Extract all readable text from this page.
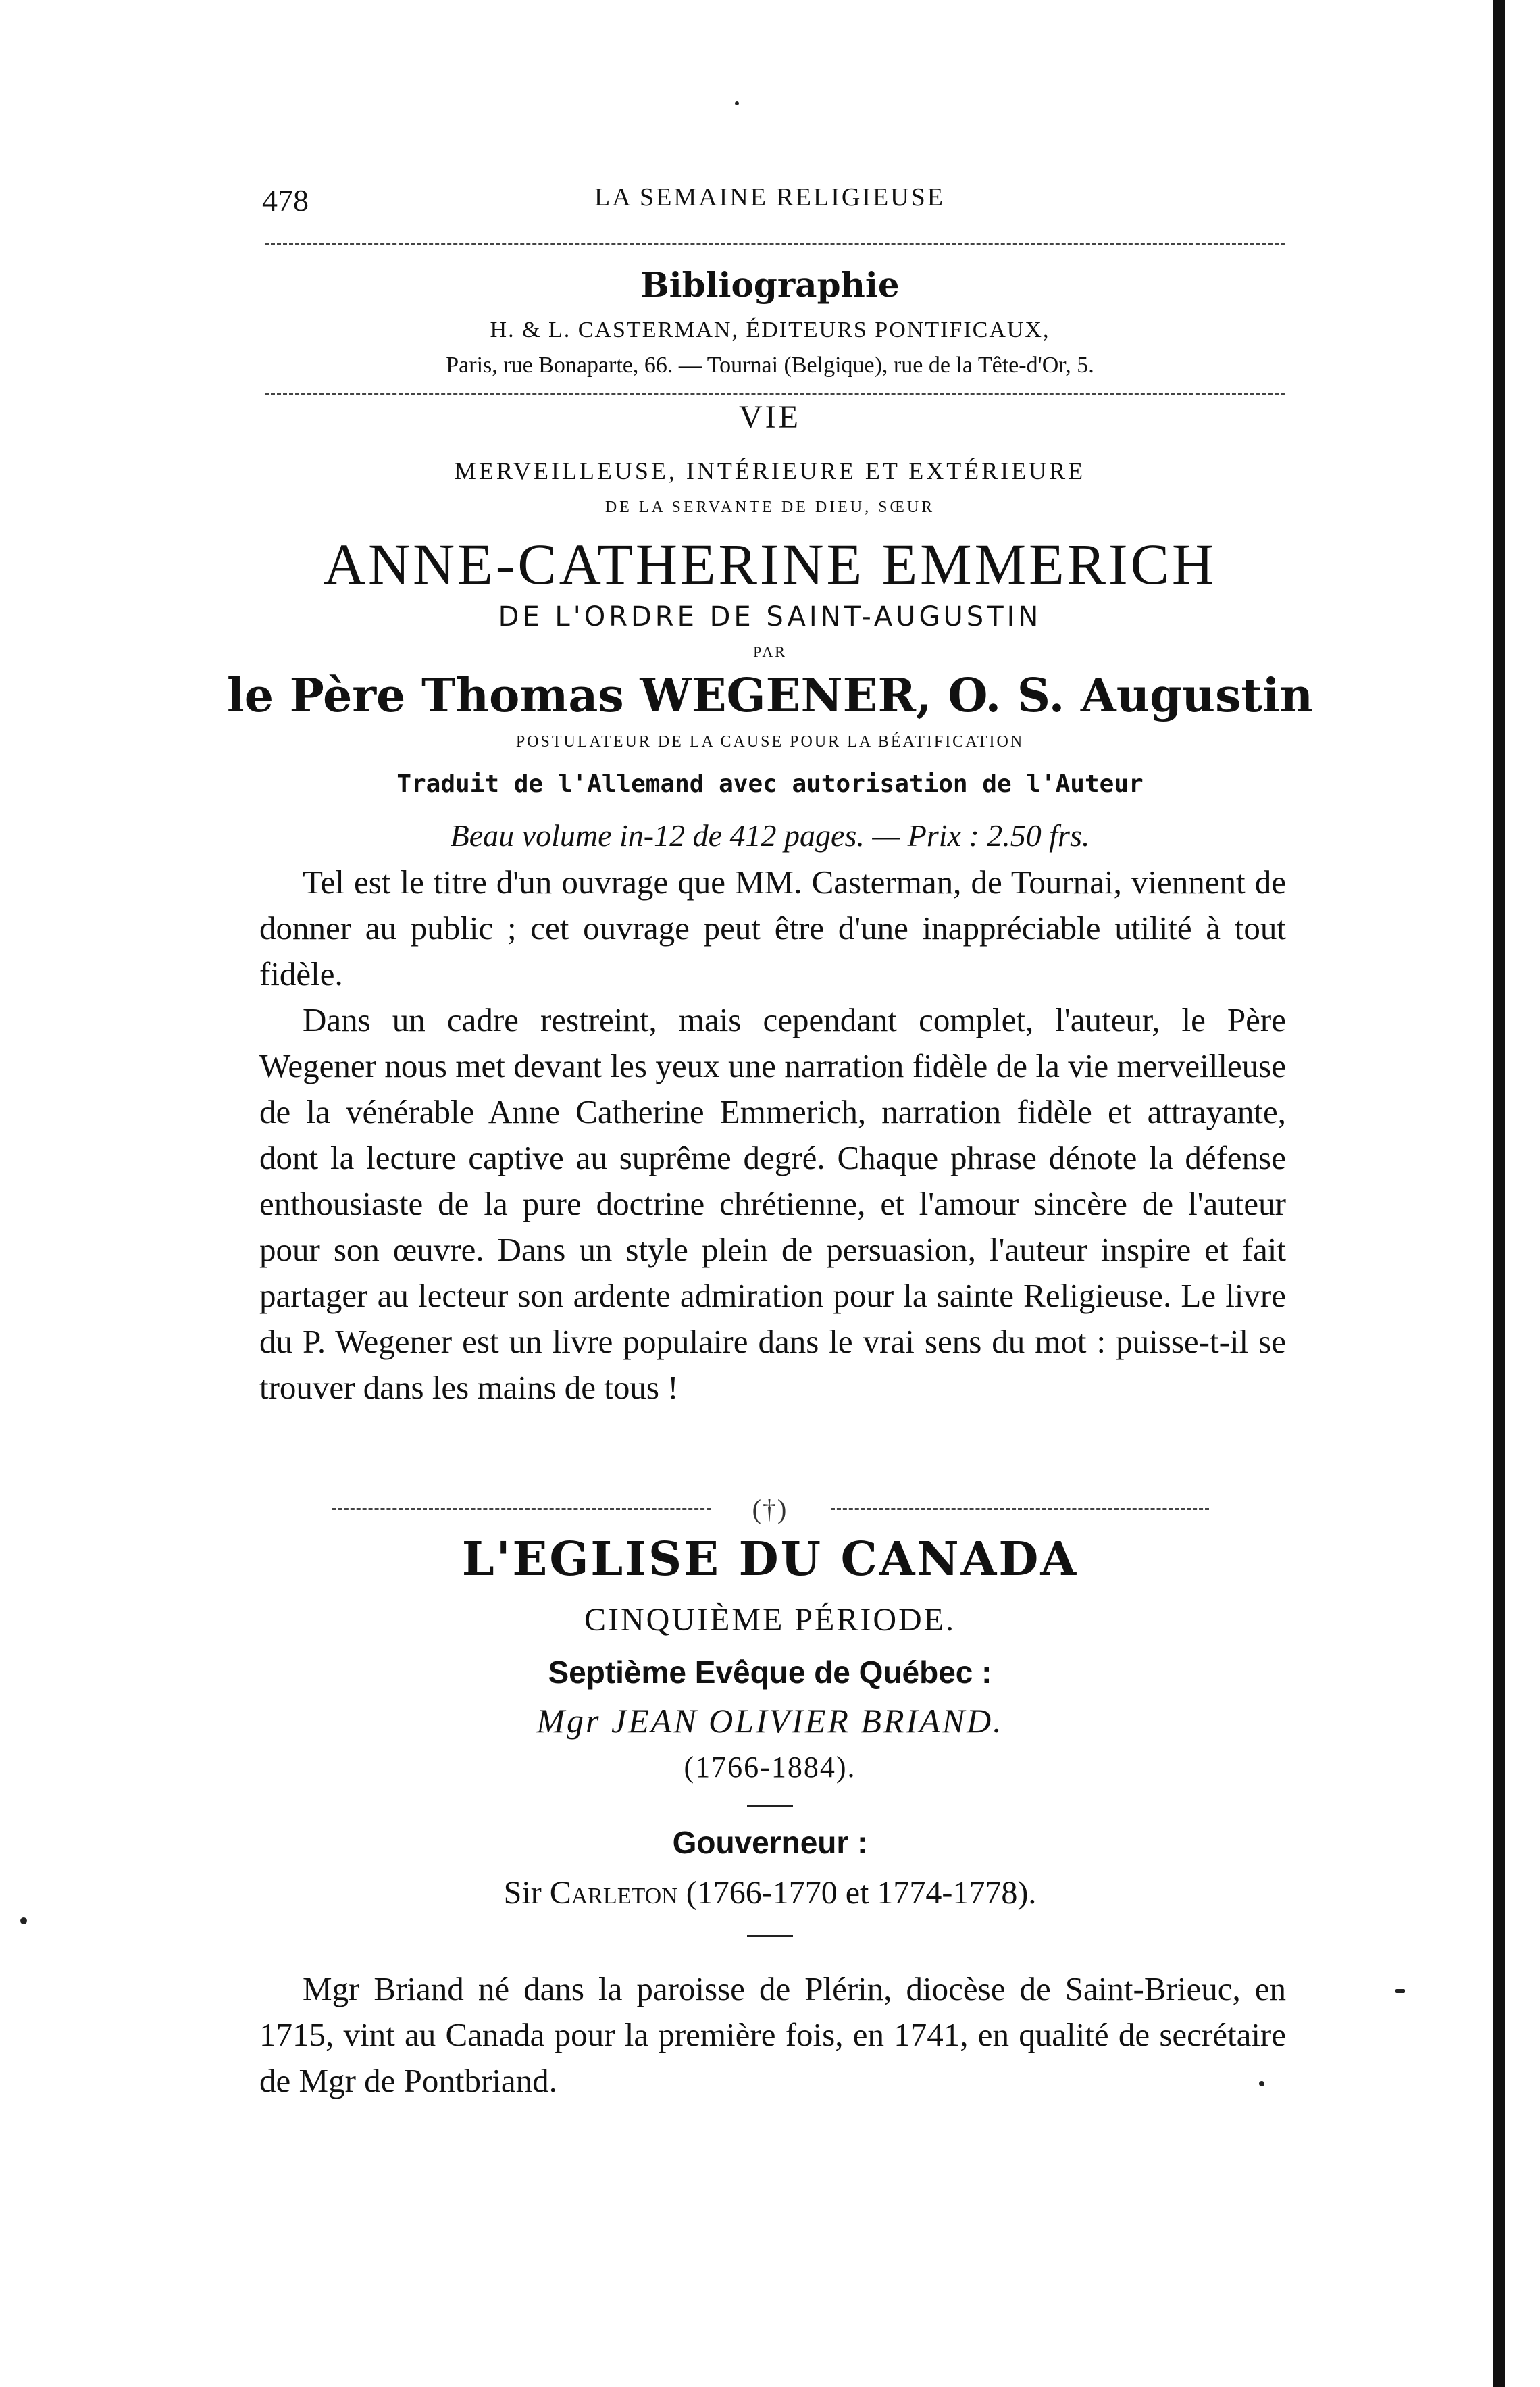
478	LA SEMAINE RELIGIEUSE
Bibliographie
H. & L. CASTERMAN, ÉDITEURS PONTIFICAUX,
Paris, rue Bonaparte, 66. — Tournai (Belgique), rue de la Tête-d'Or, 5.
VIE
MERVEILLEUSE, INTÉRIEURE ET EXTÉRIEURE
DE LA SERVANTE DE DIEU, SŒUR
ANNE-CATHERINE EMMERICH
DE L'ORDRE DE SAINT-AUGUSTIN
PAR
le Père Thomas WEGENER, O. S. Augustin
POSTULATEUR DE LA CAUSE POUR LA BÉATIFICATION
Traduit de l'Allemand avec autorisation de l'Auteur
Beau volume in-12 de 412 pages. — Prix : 2.50 frs.

Tel est le titre d'un ouvrage que MM. Casterman, de Tournai, viennent de donner au public ; cet ouvrage peut être d'une inappréciable utilité à tout fidèle.

Dans un cadre restreint, mais cependant complet, l'auteur, le Père Wegener nous met devant les yeux une narration fidèle de la vie merveilleuse de la vénérable Anne Catherine Emmerich, narration fidèle et attrayante, dont la lecture captive au suprême degré. Chaque phrase dénote la défense enthousiaste de la pure doctrine chrétienne, et l'amour sincère de l'auteur pour son œuvre. Dans un style plein de persuasion, l'auteur inspire et fait partager au lecteur son ardente admiration pour la sainte Religieuse. Le livre du P. Wegener est un livre populaire dans le vrai sens du mot : puisse-t-il se trouver dans les mains de tous !

(†)
L'EGLISE DU CANADA
CINQUIÈME PÉRIODE.
Septième Evêque de Québec :
Mgr JEAN OLIVIER BRIAND.
(1766-1884).
Gouverneur :
Sir Carleton (1766-1770 et 1774-1778).

Mgr Briand né dans la paroisse de Plérin, diocèse de Saint-Brieuc, en 1715, vint au Canada pour la première fois, en 1741, en qualité de secrétaire de Mgr de Pontbriand.
